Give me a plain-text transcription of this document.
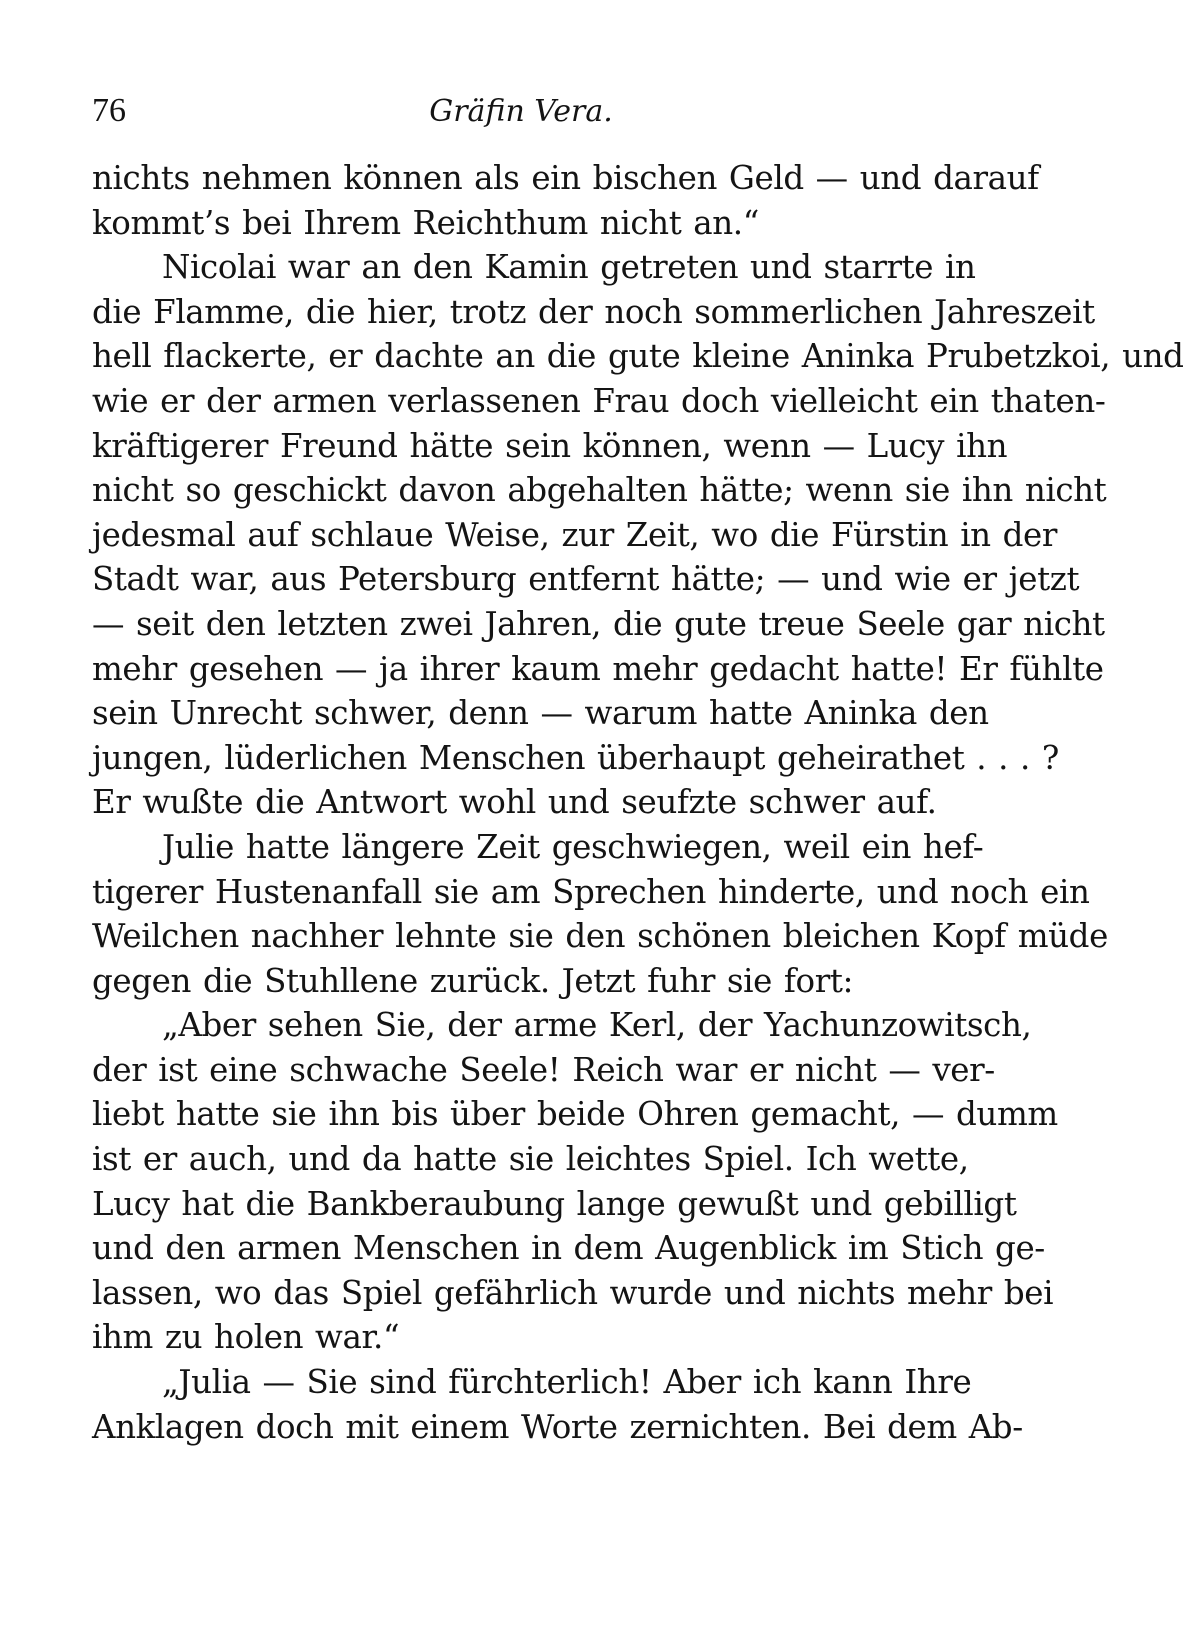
76	Gräfin Vera.
nichts nehmen können als ein bischen Geld — und darauf
kommt’s bei Ihrem Reichthum nicht an.“
Nicolai war an den Kamin getreten und starrte in
die Flamme, die hier, trotz der noch sommerlichen Jahreszeit
hell flackerte, er dachte an die gute kleine Aninka Prubetzkoi, und
wie er der armen verlassenen Frau doch vielleicht ein thaten-
kräftigerer Freund hätte sein können, wenn — Lucy ihn
nicht so geschickt davon abgehalten hätte; wenn sie ihn nicht
jedesmal auf schlaue Weise, zur Zeit, wo die Fürstin in der
Stadt war, aus Petersburg entfernt hätte; — und wie er jetzt
— seit den letzten zwei Jahren, die gute treue Seele gar nicht
mehr gesehen — ja ihrer kaum mehr gedacht hatte! Er fühlte
sein Unrecht schwer, denn — warum hatte Aninka den
jungen, lüderlichen Menschen überhaupt geheirathet . . . ?
Er wußte die Antwort wohl und seufzte schwer auf.
Julie hatte längere Zeit geschwiegen, weil ein hef-
tigerer Hustenanfall sie am Sprechen hinderte, und noch ein
Weilchen nachher lehnte sie den schönen bleichen Kopf müde
gegen die Stuhllene zurück. Jetzt fuhr sie fort:
„Aber sehen Sie, der arme Kerl, der Yachunzowitsch,
der ist eine schwache Seele! Reich war er nicht — ver-
liebt hatte sie ihn bis über beide Ohren gemacht, — dumm
ist er auch, und da hatte sie leichtes Spiel. Ich wette,
Lucy hat die Bankberaubung lange gewußt und gebilligt
und den armen Menschen in dem Augenblick im Stich ge-
lassen, wo das Spiel gefährlich wurde und nichts mehr bei
ihm zu holen war.“
„Julia — Sie sind fürchterlich! Aber ich kann Ihre
Anklagen doch mit einem Worte zernichten. Bei dem Ab-
